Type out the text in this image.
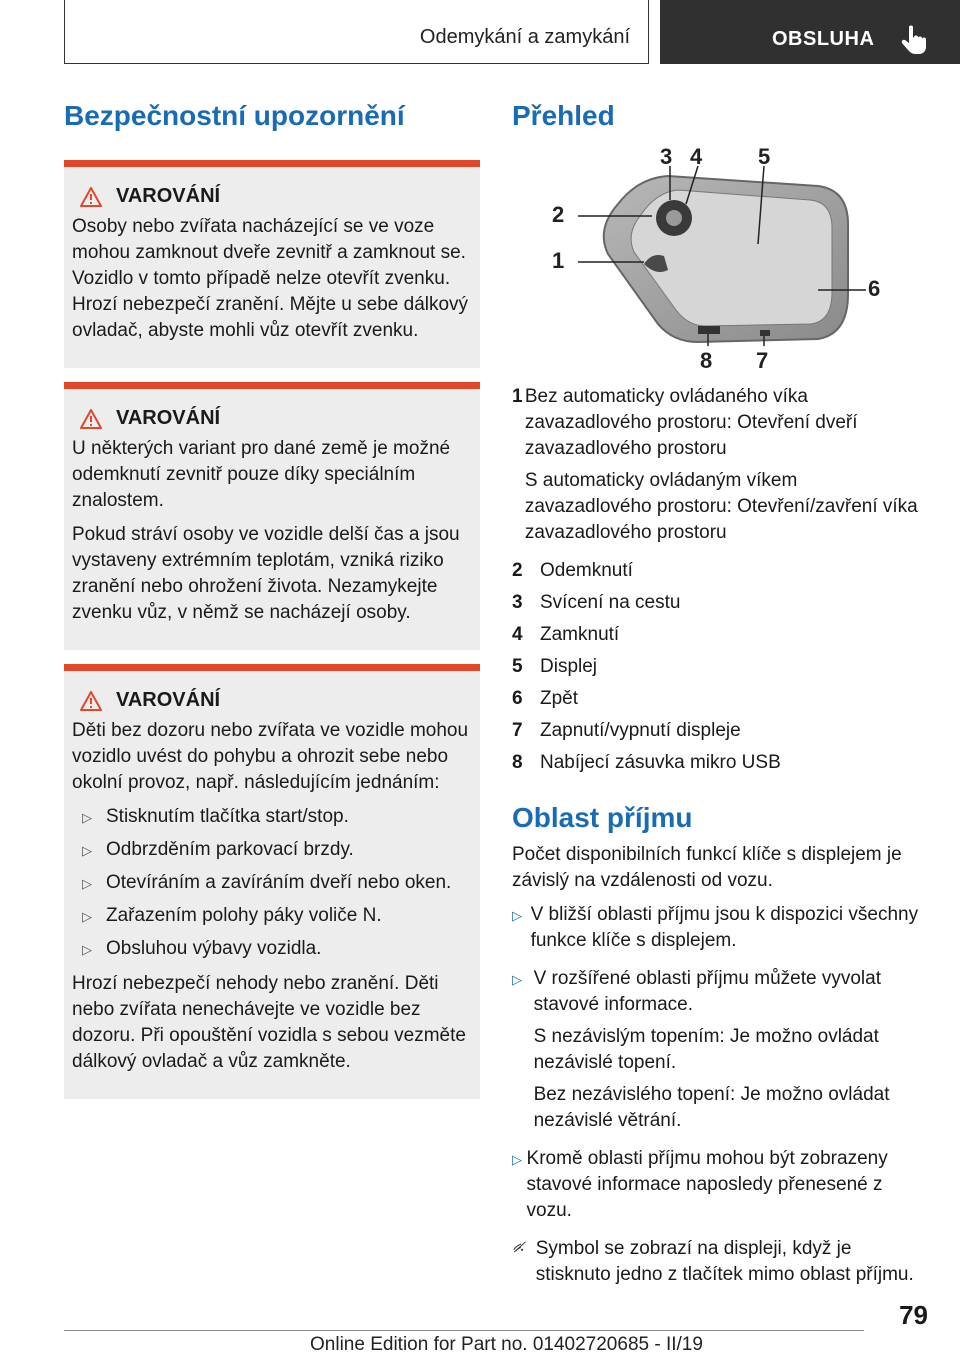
Odemykání a zamykání	OBSLUHA
Bezpečnostní upozornění
VAROVÁNÍ

Osoby nebo zvířata nacházející se ve voze mohou zamknout dveře zevnitř a zamknout se. Vozidlo v tomto případě nelze otevřít zvenku. Hrozí nebezpečí zranění. Mějte u sebe dálkový ovladač, abyste mohli vůz otevřít zvenku.

VAROVÁNÍ

U některých variant pro dané země je možné odemknutí zevnitř pouze díky speciálním znalostem.

Pokud stráví osoby ve vozidle delší čas a jsou vystaveny extrémním teplotám, vzniká riziko zranění nebo ohrožení života. Nezamykejte zvenku vůz, v němž se nacházejí osoby.

VAROVÁNÍ

Děti bez dozoru nebo zvířata ve vozidle mohou vozidlo uvést do pohybu a ohrozit sebe nebo okolní provoz, např. následujícím jednáním:

▷ Stisknutím tlačítka start/stop.
▷ Odbrzděním parkovací brzdy.
▷ Otevíráním a zavíráním dveří nebo oken.
▷ Zařazením polohy páky voliče N.
▷ Obsluhou výbavy vozidla.

Hrozí nebezpečí nehody nebo zranění. Děti nebo zvířata nenechávejte ve vozidle bez dozoru. Při opouštění vozidla s sebou vezměte dálkový ovladač a vůz zamkněte.

Přehled
1
2
3 4	5
6
7
8
1 Bez automaticky ovládaného víka zavazadlového prostoru: Otevření dveří zavazadlového prostoru

S automaticky ovládaným víkem zavazadlového prostoru: Otevření/zavření víka zavazadlového prostoru

2 Odemknutí
3 Svícení na cestu
4 Zamknutí
5 Displej
6 Zpět
7 Zapnutí/vypnutí displeje
8 Nabíjecí zásuvka mikro USB
Oblast příjmu

Počet disponibilních funkcí klíče s displejem je závislý na vzdálenosti od vozu.

▷ V bližší oblasti příjmu jsou k dispozici všechny funkce klíče s displejem.

▷ V rozšířené oblasti příjmu můžete vyvolat stavové informace.

S nezávislým topením: Je možno ovládat nezávislé topení.

Bez nezávislého topení: Je možno ovládat nezávislé větrání.

▷ Kromě oblasti příjmu mohou být zobrazeny stavové informace naposledy přenesené z vozu.

Symbol se zobrazí na displeji, když je stisknuto jedno z tlačítek mimo oblast příjmu.
79
Online Edition for Part no. 01402720685 - II/19
